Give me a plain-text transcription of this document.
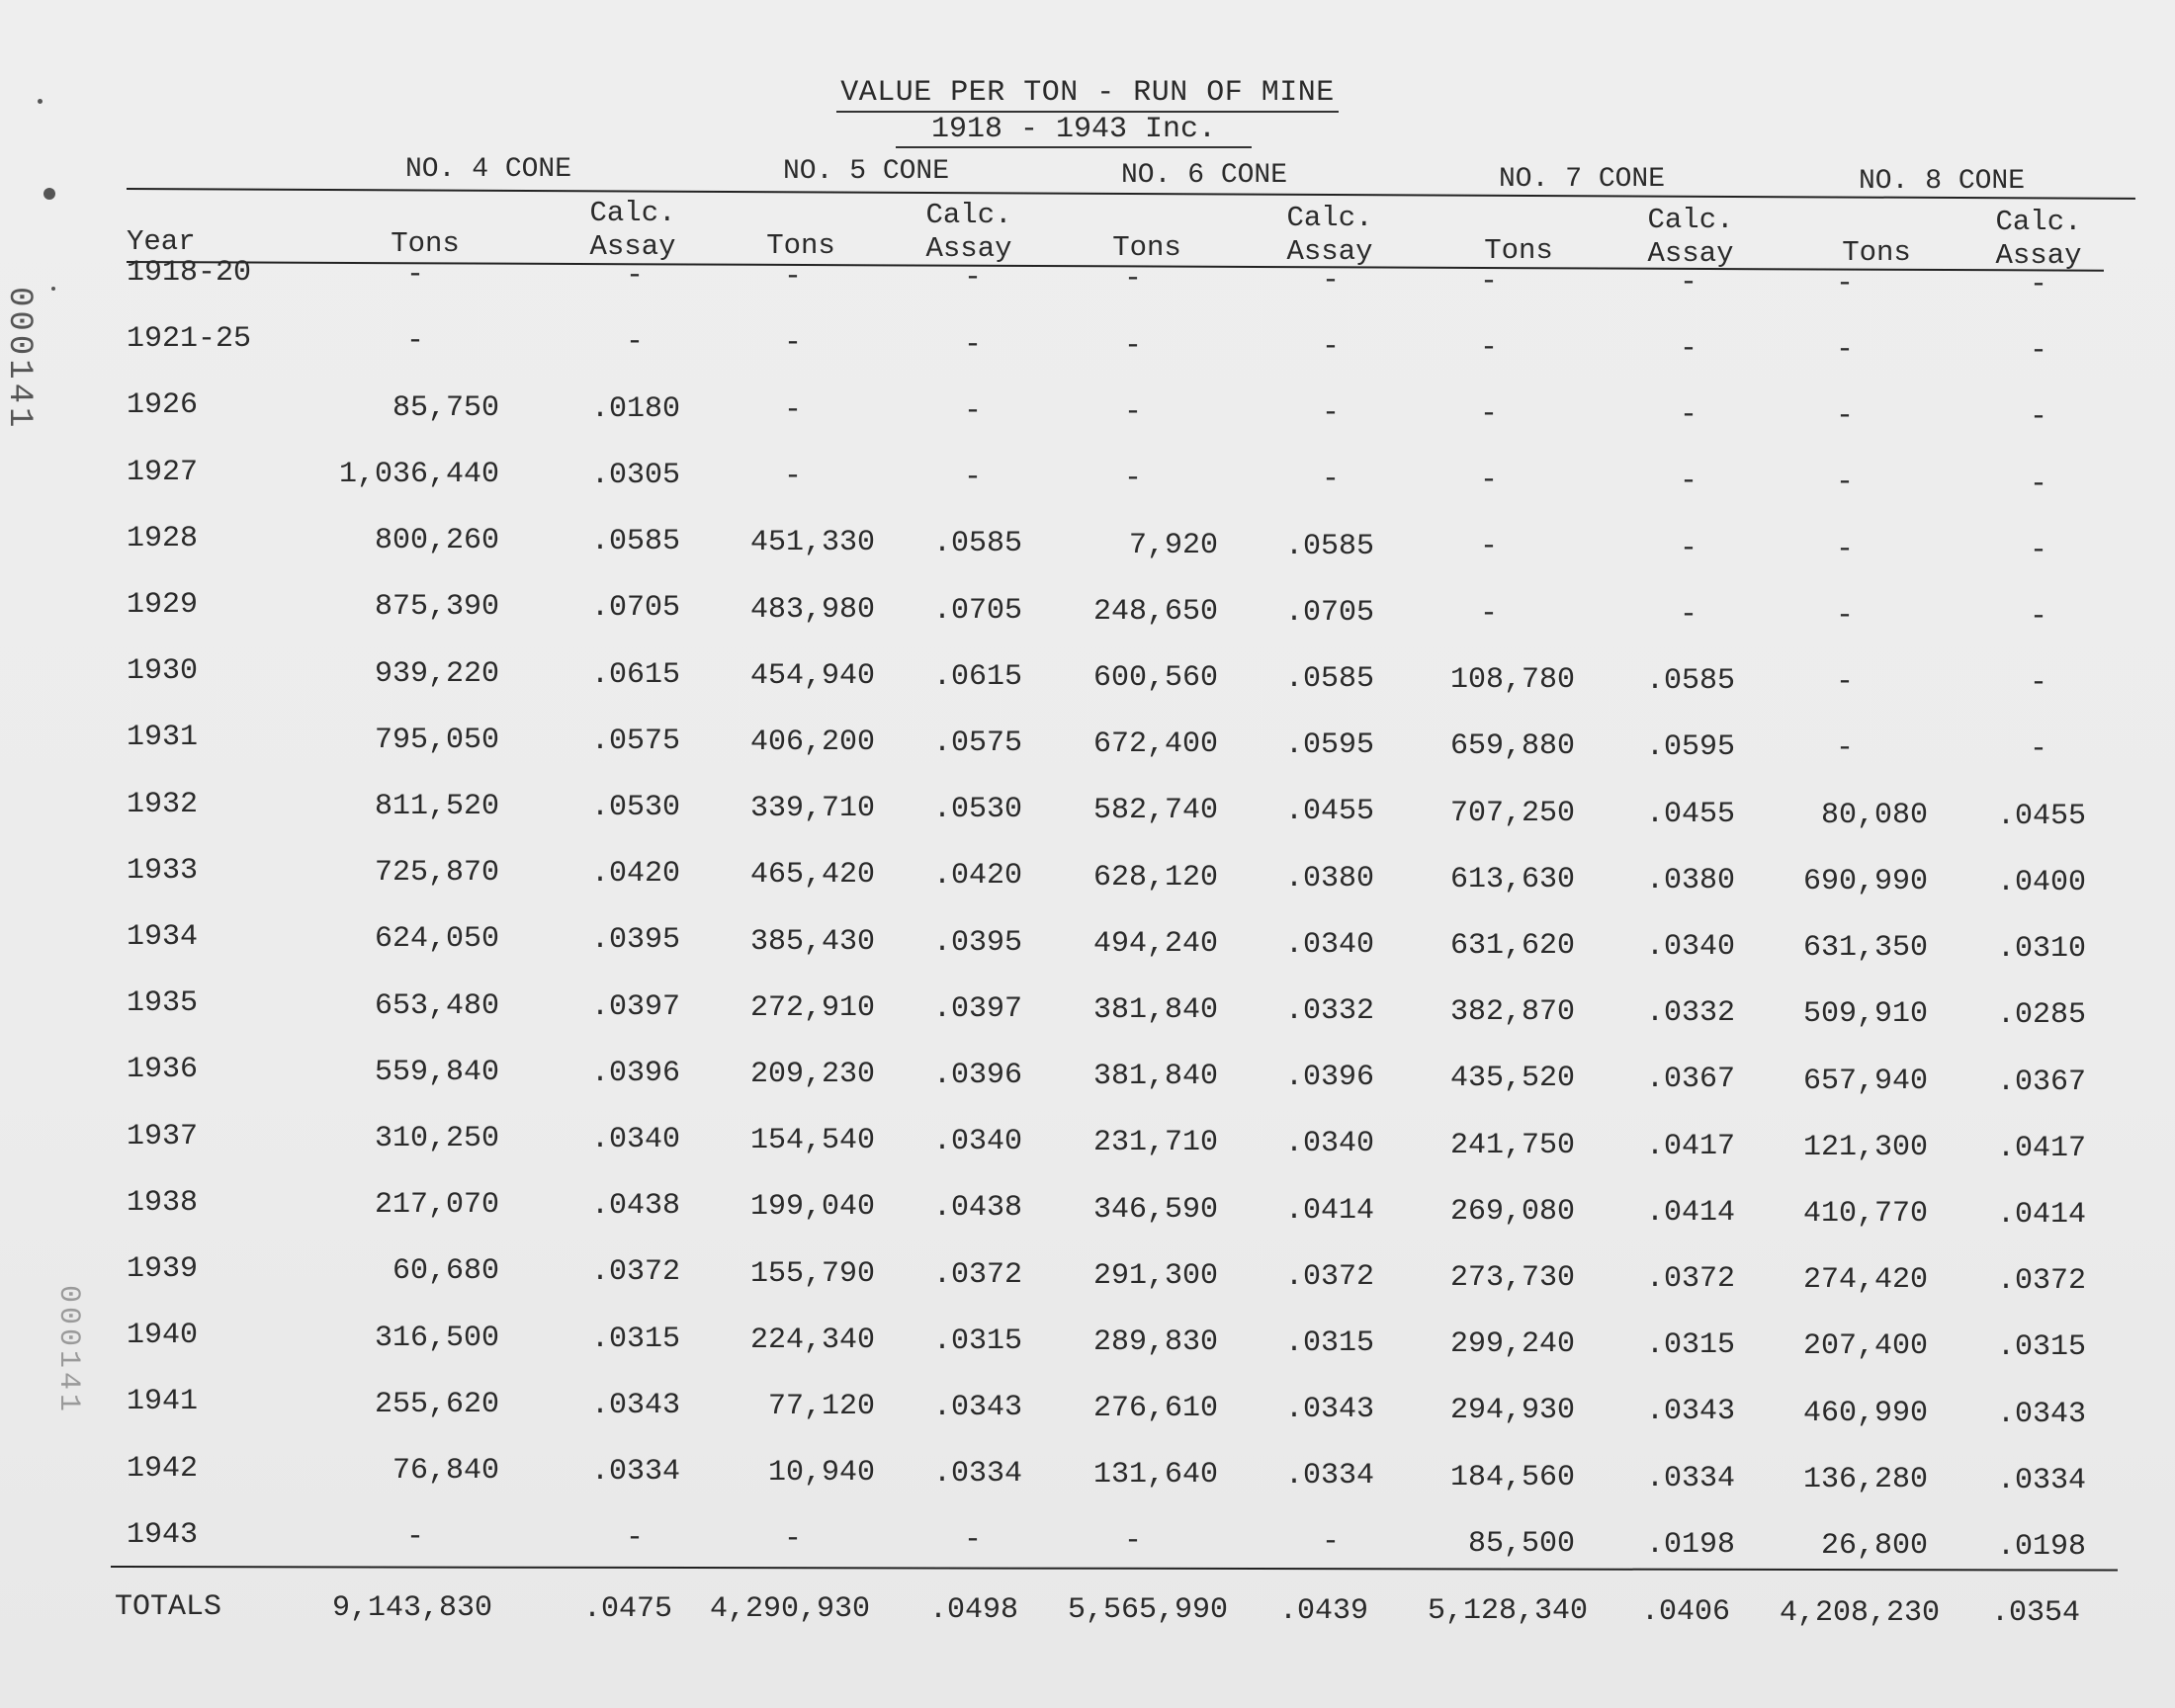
000141
000141
VALUE PER TON - RUN OF MINE
1918 - 1943 Inc.
NO. 4 CONE	NO. 5 CONE	NO. 6 CONE	NO. 7 CONE	NO. 8 CONE
Year	Tons
Calc.
Assay	Tons
Calc.
Assay	Tons
Calc.
Assay	Tons
Calc.
Assay	Tons
Calc.
Assay
1918-20	-	-	-	-	-	-	-	-	-	-
1921-25	-	-	-	-	-	-	-	-	-	-
1926	85,750	.0180	-	-	-	-	-	-	-	-
1927	1,036,440	.0305	-	-	-	-	-	-	-	-
1928	800,260	.0585	451,330	.0585	7,920	.0585	-	-	-	-
1929	875,390	.0705	483,980	.0705	248,650	.0705	-	-	-	-
1930	939,220	.0615	454,940	.0615	600,560	.0585	108,780	.0585	-	-
1931	795,050	.0575	406,200	.0575	672,400	.0595	659,880	.0595	-	-
1932	811,520	.0530	339,710	.0530	582,740	.0455	707,250	.0455	80,080	.0455
1933	725,870	.0420	465,420	.0420	628,120	.0380	613,630	.0380	690,990	.0400
1934	624,050	.0395	385,430	.0395	494,240	.0340	631,620	.0340	631,350	.0310
1935	653,480	.0397	272,910	.0397	381,840	.0332	382,870	.0332	509,910	.0285
1936	559,840	.0396	209,230	.0396	381,840	.0396	435,520	.0367	657,940	.0367
1937	310,250	.0340	154,540	.0340	231,710	.0340	241,750	.0417	121,300	.0417
1938	217,070	.0438	199,040	.0438	346,590	.0414	269,080	.0414	410,770	.0414
1939	60,680	.0372	155,790	.0372	291,300	.0372	273,730	.0372	274,420	.0372
1940	316,500	.0315	224,340	.0315	289,830	.0315	299,240	.0315	207,400	.0315
1941	255,620	.0343	77,120	.0343	276,610	.0343	294,930	.0343	460,990	.0343
1942	76,840	.0334	10,940	.0334	131,640	.0334	184,560	.0334	136,280	.0334
1943	-	-	-	-	-	-	85,500	.0198	26,800	.0198
TOTALS	9,143,830	.0475	4,290,930	.0498	5,565,990	.0439	5,128,340	.0406	4,208,230	.0354
